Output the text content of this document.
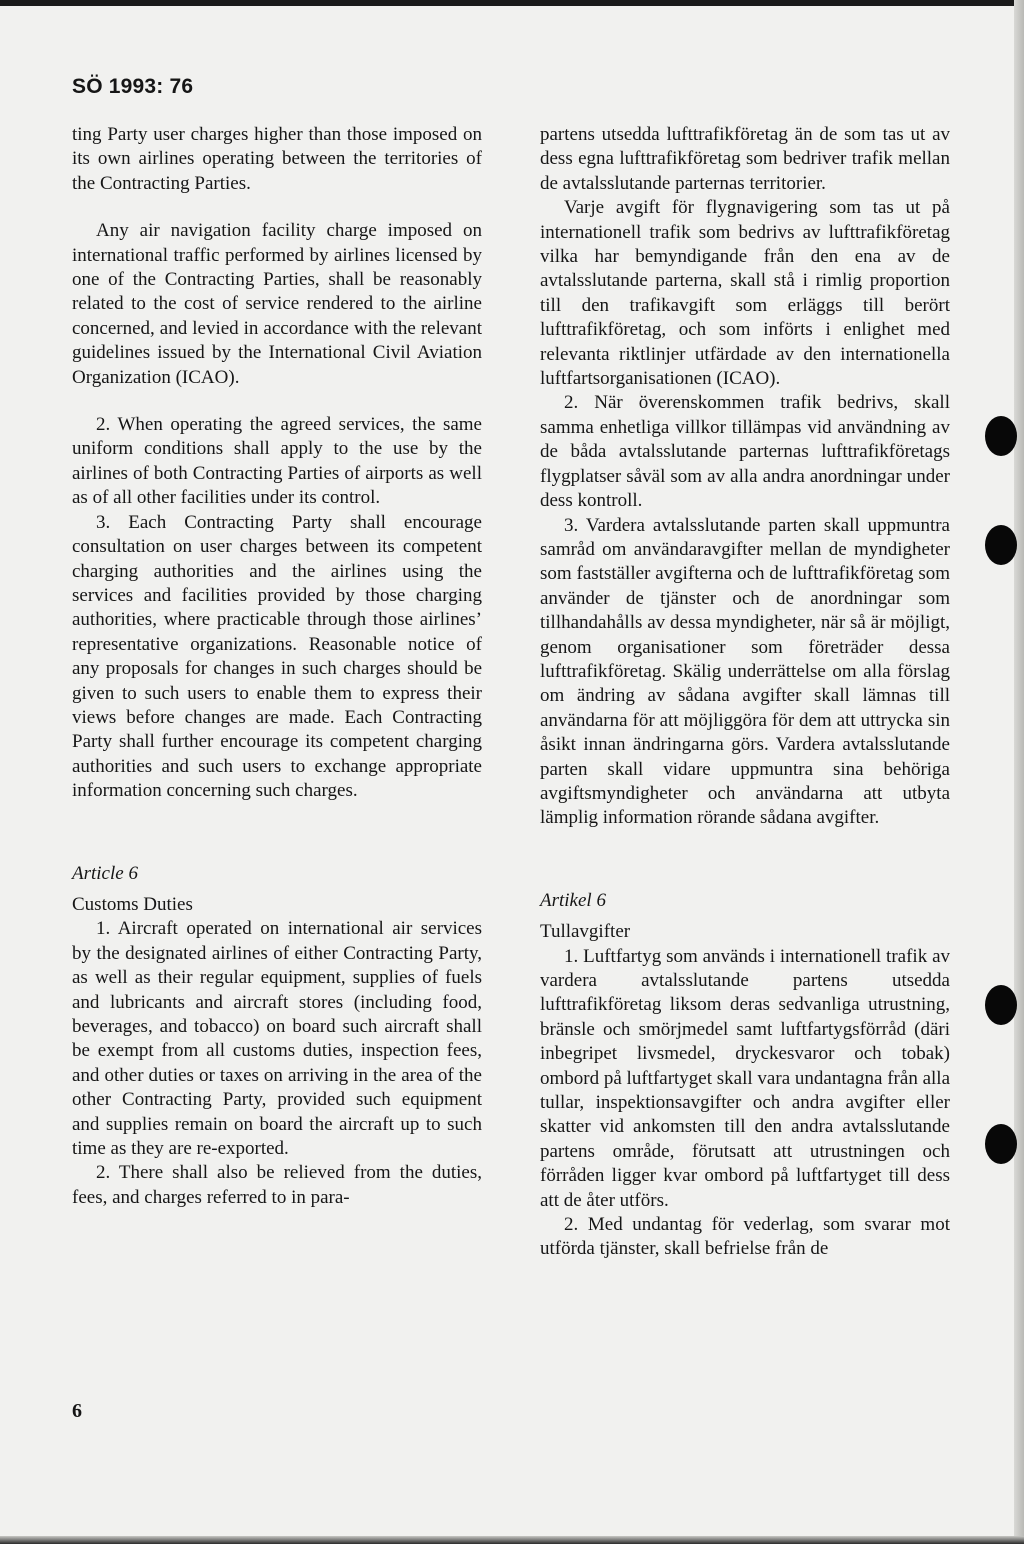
SÖ 1993: 76

ting Party user charges higher than those imposed on its own airlines operating between the territories of the Contracting Parties.

Any air navigation facility charge imposed on international traffic performed by airlines licensed by one of the Contracting Parties, shall be reasonably related to the cost of service rendered to the airline concerned, and levied in accordance with the relevant guidelines issued by the International Civil Aviation Organization (ICAO).

2. When operating the agreed services, the same uniform conditions shall apply to the use by the airlines of both Contracting Parties of airports as well as of all other facilities under its control.

3. Each Contracting Party shall encourage consultation on user charges between its competent charging authorities and the airlines using the services and facilities provided by those charging authorities, where practicable through those airlines’ representative organizations. Reasonable notice of any proposals for changes in such charges should be given to such users to enable them to express their views before changes are made. Each Contracting Party shall further encourage its competent charging authorities and such users to exchange appropriate information concerning such charges.

Article 6

Customs Duties

1. Aircraft operated on international air services by the designated airlines of either Contracting Party, as well as their regular equipment, supplies of fuels and lubricants and aircraft stores (including food, beverages, and tobacco) on board such aircraft shall be exempt from all customs duties, inspection fees, and other duties or taxes on arriving in the area of the other Contracting Party, provided such equipment and supplies remain on board the aircraft up to such time as they are re-exported.

2. There shall also be relieved from the duties, fees, and charges referred to in para-

partens utsedda lufttrafikföretag än de som tas ut av dess egna lufttrafikföretag som bedriver trafik mellan de avtalsslutande parternas territorier.

Varje avgift för flygnavigering som tas ut på internationell trafik som bedrivs av lufttrafikföretag vilka har bemyndigande från den ena av de avtalsslutande parterna, skall stå i rimlig proportion till den trafikavgift som erläggs till berört lufttrafikföretag, och som införts i enlighet med relevanta riktlinjer utfärdade av den internationella luftfartsorganisationen (ICAO).

2. När överenskommen trafik bedrivs, skall samma enhetliga villkor tillämpas vid användning av de båda avtalsslutande parternas lufttrafikföretags flygplatser såväl som av alla andra anordningar under dess kontroll.

3. Vardera avtalsslutande parten skall uppmuntra samråd om användaravgifter mellan de myndigheter som fastställer avgifterna och de lufttrafikföretag som använder de tjänster och de anordningar som tillhandahålls av dessa myndigheter, när så är möjligt, genom organisationer som företräder dessa lufttrafikföretag. Skälig underrättelse om alla förslag om ändring av sådana avgifter skall lämnas till användarna för att möjliggöra för dem att uttrycka sin åsikt innan ändringarna görs. Vardera avtalsslutande parten skall vidare uppmuntra sina behöriga avgiftsmyndigheter och användarna att utbyta lämplig information rörande sådana avgifter.

Artikel 6

Tullavgifter

1. Luftfartyg som används i internationell trafik av vardera avtalsslutande partens utsedda lufttrafikföretag liksom deras sedvanliga utrustning, bränsle och smörjmedel samt luftfartygsförråd (däri inbegripet livsmedel, dryckesvaror och tobak) ombord på luftfartyget skall vara undantagna från alla tullar, inspektionsavgifter och andra avgifter eller skatter vid ankomsten till den andra avtalsslutande partens område, förutsatt att utrustningen och förråden ligger kvar ombord på luftfartyget till dess att de åter utförs.

2. Med undantag för vederlag, som svarar mot utförda tjänster, skall befrielse från de

6
